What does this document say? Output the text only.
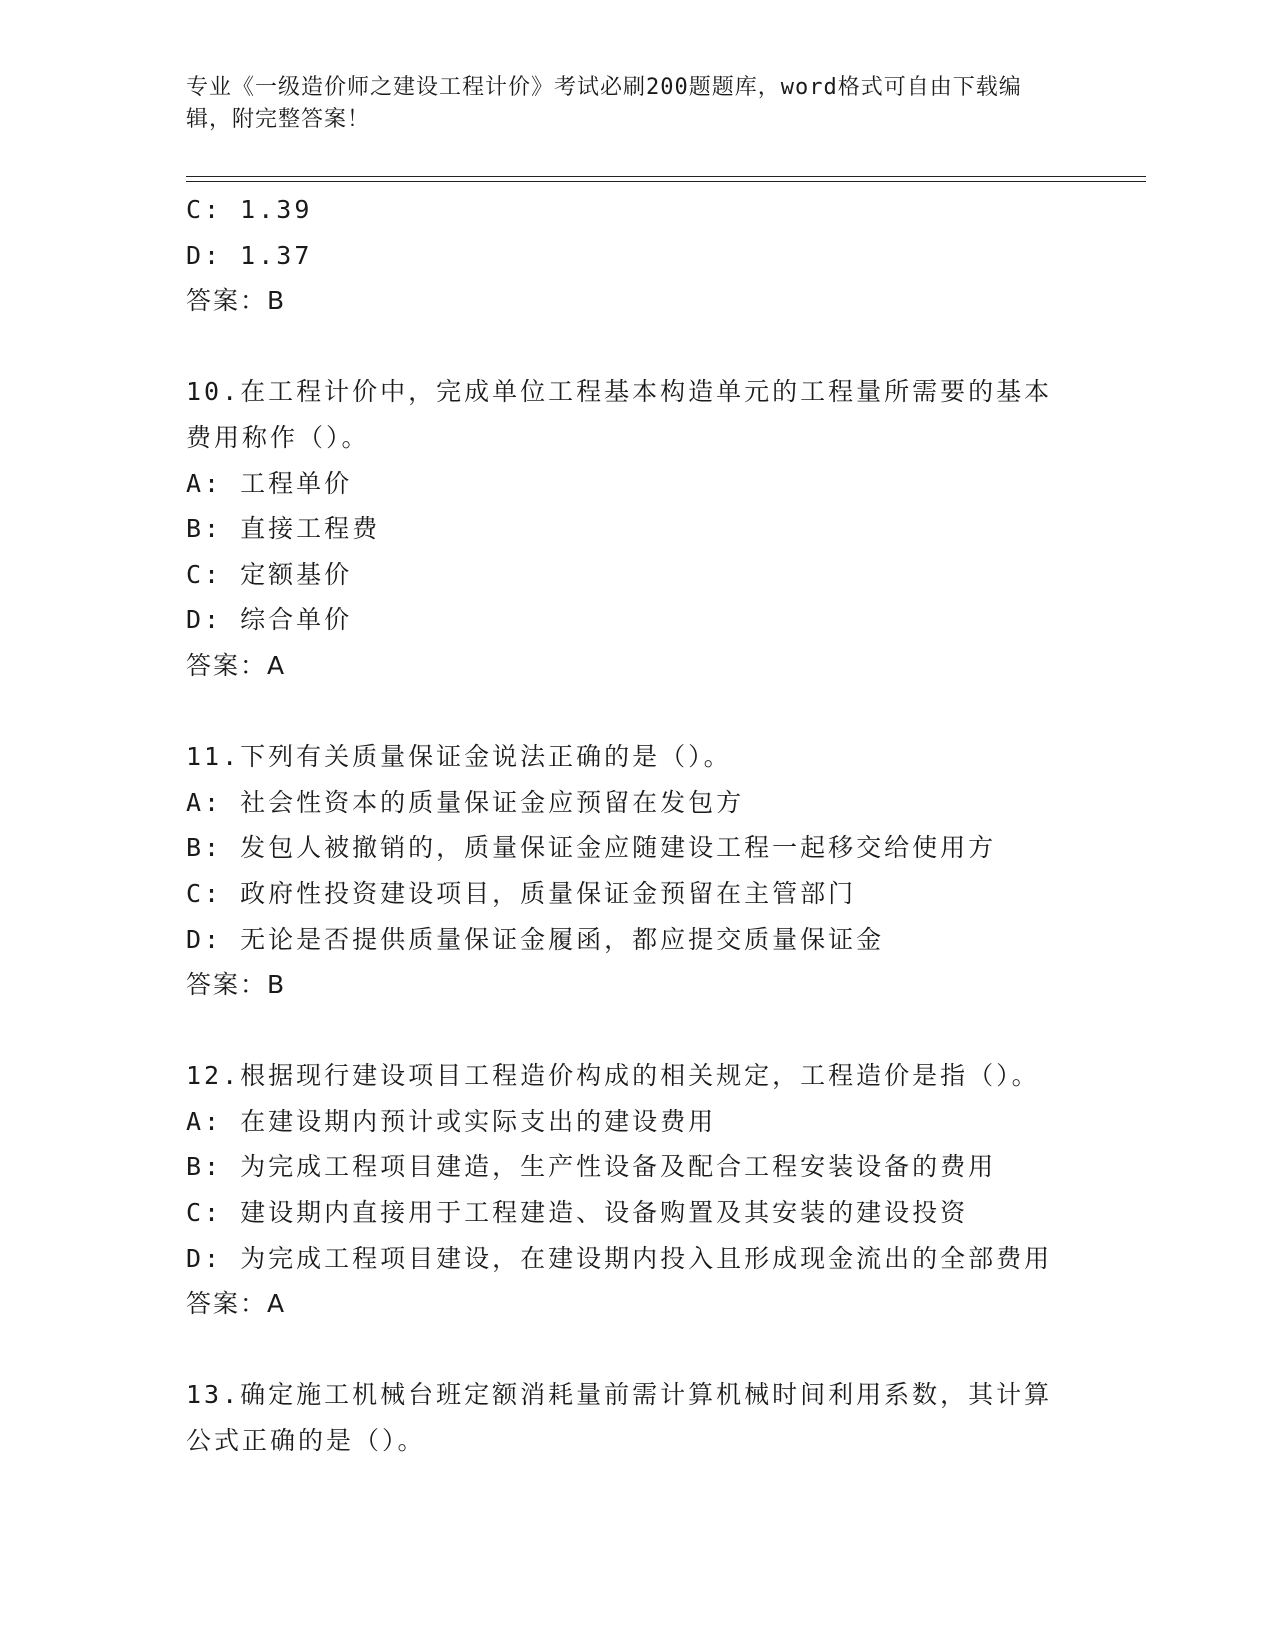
专业《一级造价师之建设工程计价》考试必刷200题题库，word格式可自由下载编辑，附完整答案！
C: 1.39
D: 1.37
答案：B
10.在工程计价中，完成单位工程基本构造单元的工程量所需要的基本费用称作（）。
A: 工程单价
B: 直接工程费
C: 定额基价
D: 综合单价
答案：A
11.下列有关质量保证金说法正确的是（）。
A: 社会性资本的质量保证金应预留在发包方
B: 发包人被撤销的，质量保证金应随建设工程一起移交给使用方
C: 政府性投资建设项目，质量保证金预留在主管部门
D: 无论是否提供质量保证金履函，都应提交质量保证金
答案：B
12.根据现行建设项目工程造价构成的相关规定，工程造价是指（）。
A: 在建设期内预计或实际支出的建设费用
B: 为完成工程项目建造，生产性设备及配合工程安装设备的费用
C: 建设期内直接用于工程建造、设备购置及其安装的建设投资
D: 为完成工程项目建设，在建设期内投入且形成现金流出的全部费用
答案：A
13.确定施工机械台班定额消耗量前需计算机械时间利用系数，其计算公式正确的是（）。
